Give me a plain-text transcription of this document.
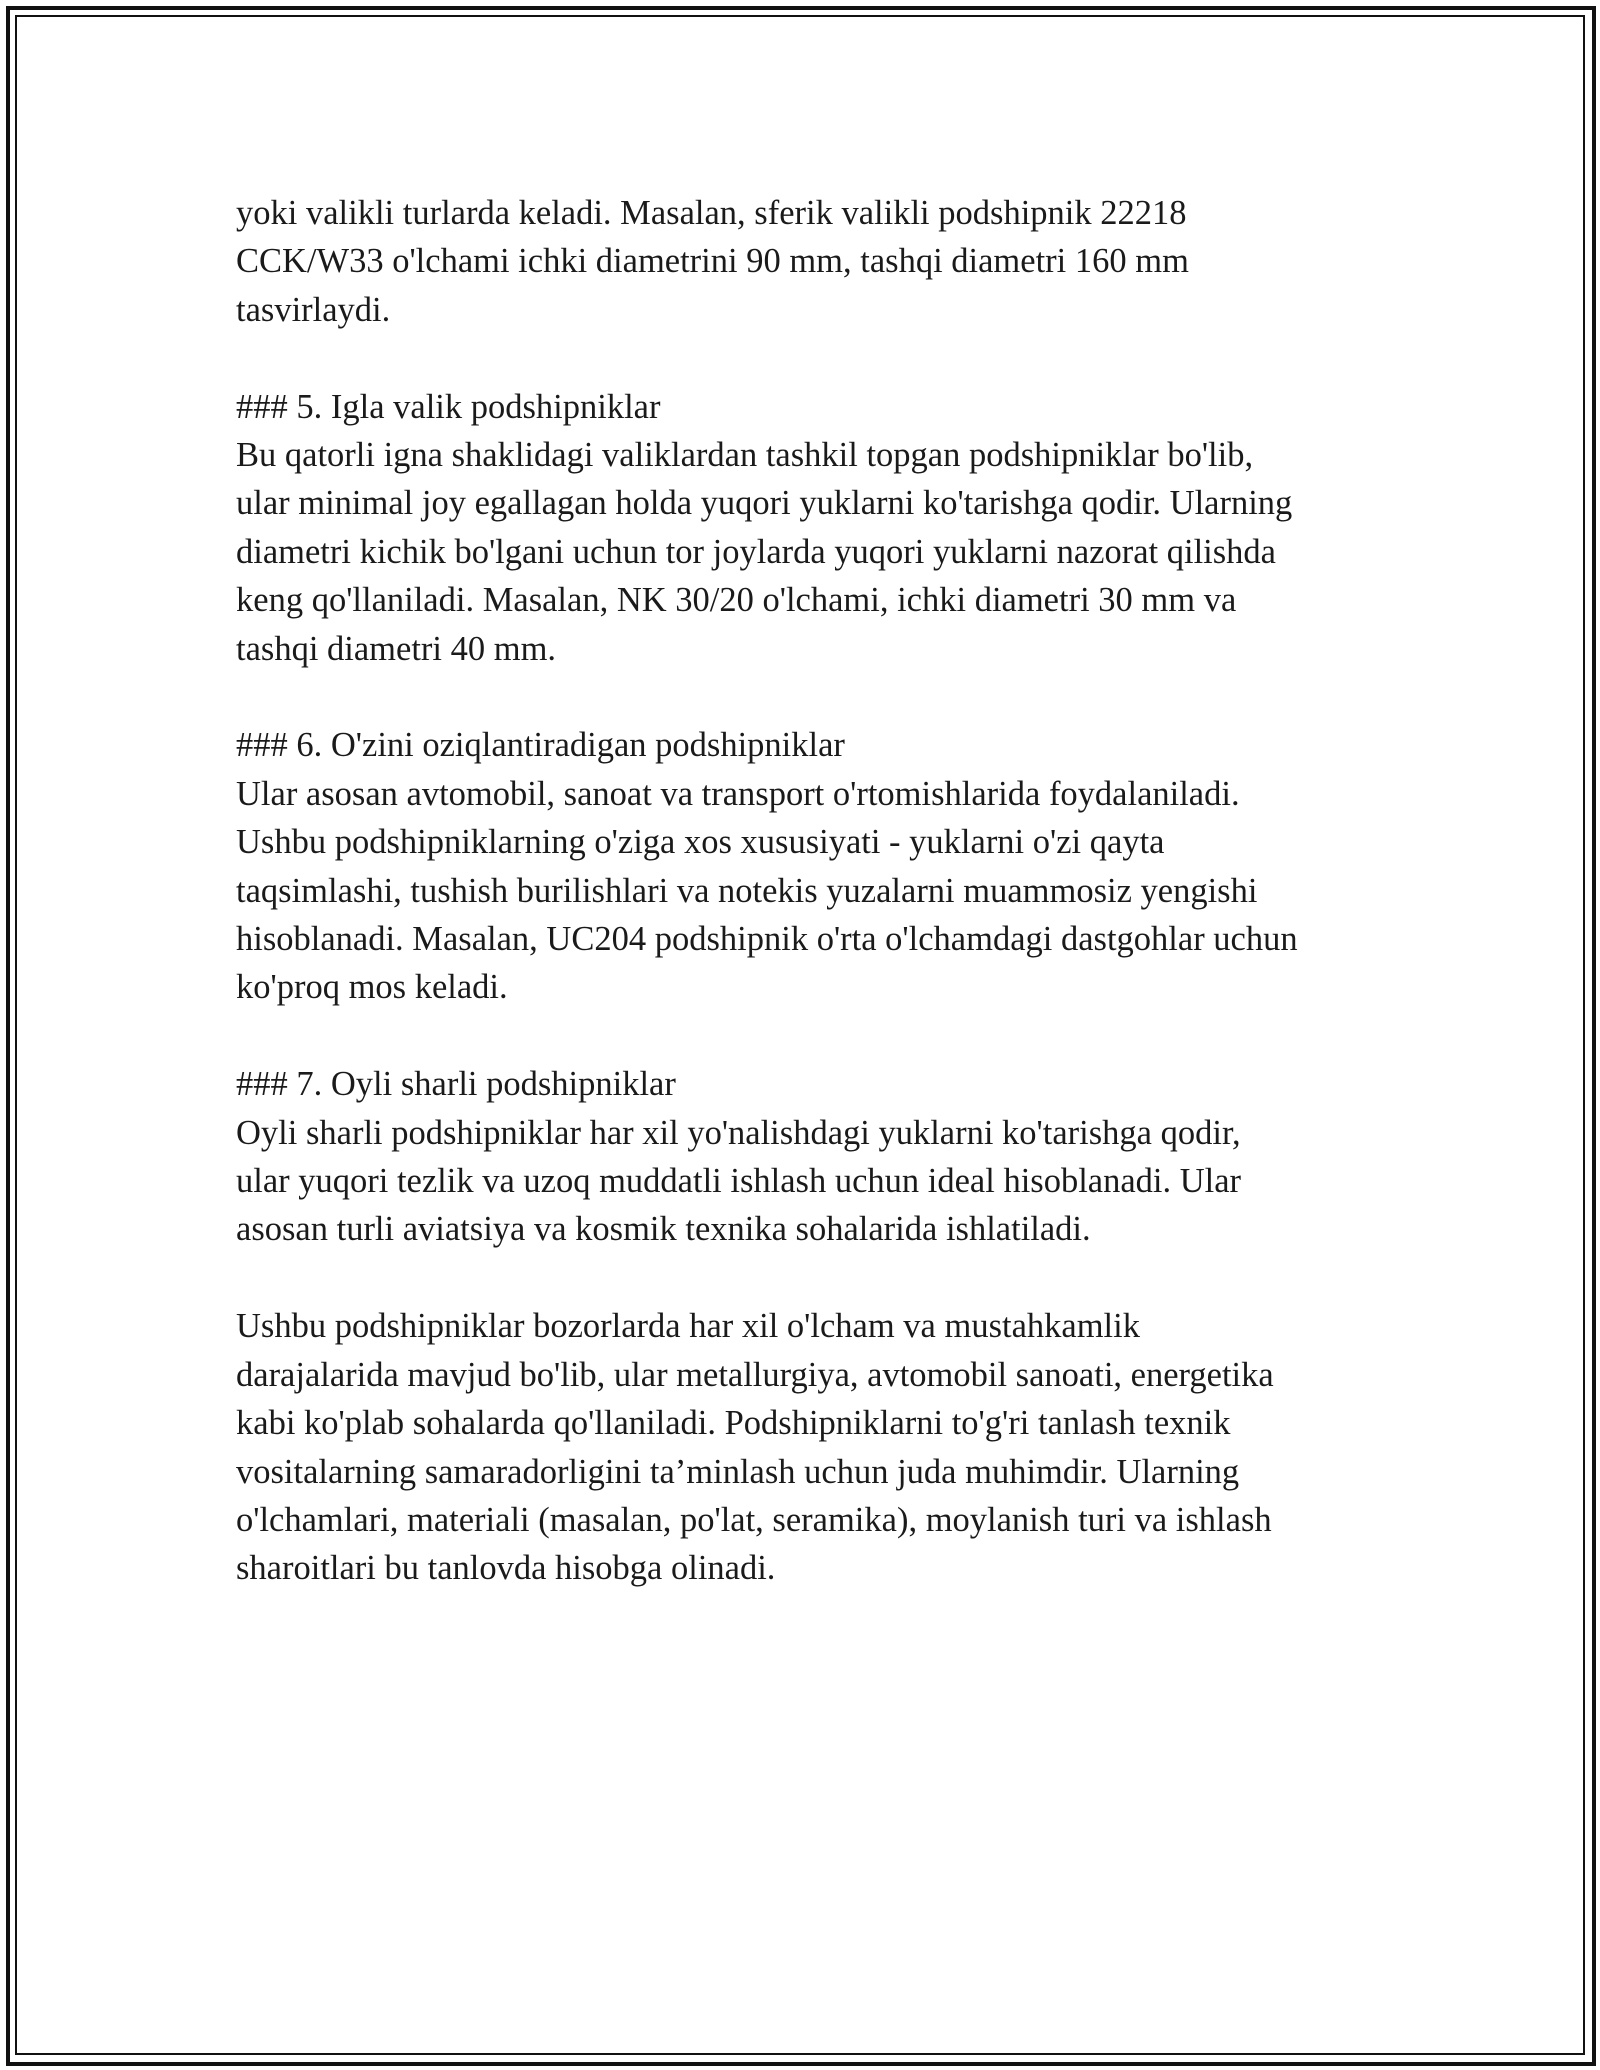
yoki valikli turlarda keladi. Masalan, sferik valikli podshipnik 22218
CCK/W33 o'lchami ichki diametrini 90 mm, tashqi diametri 160 mm
tasvirlaydi.

### 5. Igla valik podshipniklar
Bu qatorli igna shaklidagi valiklardan tashkil topgan podshipniklar bo'lib,
ular minimal joy egallagan holda yuqori yuklarni ko'tarishga qodir. Ularning
diametri kichik bo'lgani uchun tor joylarda yuqori yuklarni nazorat qilishda
keng qo'llaniladi. Masalan, NK 30/20 o'lchami, ichki diametri 30 mm va
tashqi diametri 40 mm.

### 6. O'zini oziqlantiradigan podshipniklar
Ular asosan avtomobil, sanoat va transport o'rtomishlarida foydalaniladi.
Ushbu podshipniklarning o'ziga xos xususiyati - yuklarni o'zi qayta
taqsimlashi, tushish burilishlari va notekis yuzalarni muammosiz yengishi
hisoblanadi. Masalan, UC204 podshipnik o'rta o'lchamdagi dastgohlar uchun
ko'proq mos keladi.

### 7. Oyli sharli podshipniklar
Oyli sharli podshipniklar har xil yo'nalishdagi yuklarni ko'tarishga qodir,
ular yuqori tezlik va uzoq muddatli ishlash uchun ideal hisoblanadi. Ular
asosan turli aviatsiya va kosmik texnika sohalarida ishlatiladi.

Ushbu podshipniklar bozorlarda har xil o'lcham va mustahkamlik
darajalarida mavjud bo'lib, ular metallurgiya, avtomobil sanoati, energetika
kabi ko'plab sohalarda qo'llaniladi. Podshipniklarni to'g'ri tanlash texnik
vositalarning samaradorligini ta’minlash uchun juda muhimdir. Ularning
o'lchamlari, materiali (masalan, po'lat, seramika), moylanish turi va ishlash
sharoitlari bu tanlovda hisobga olinadi.
